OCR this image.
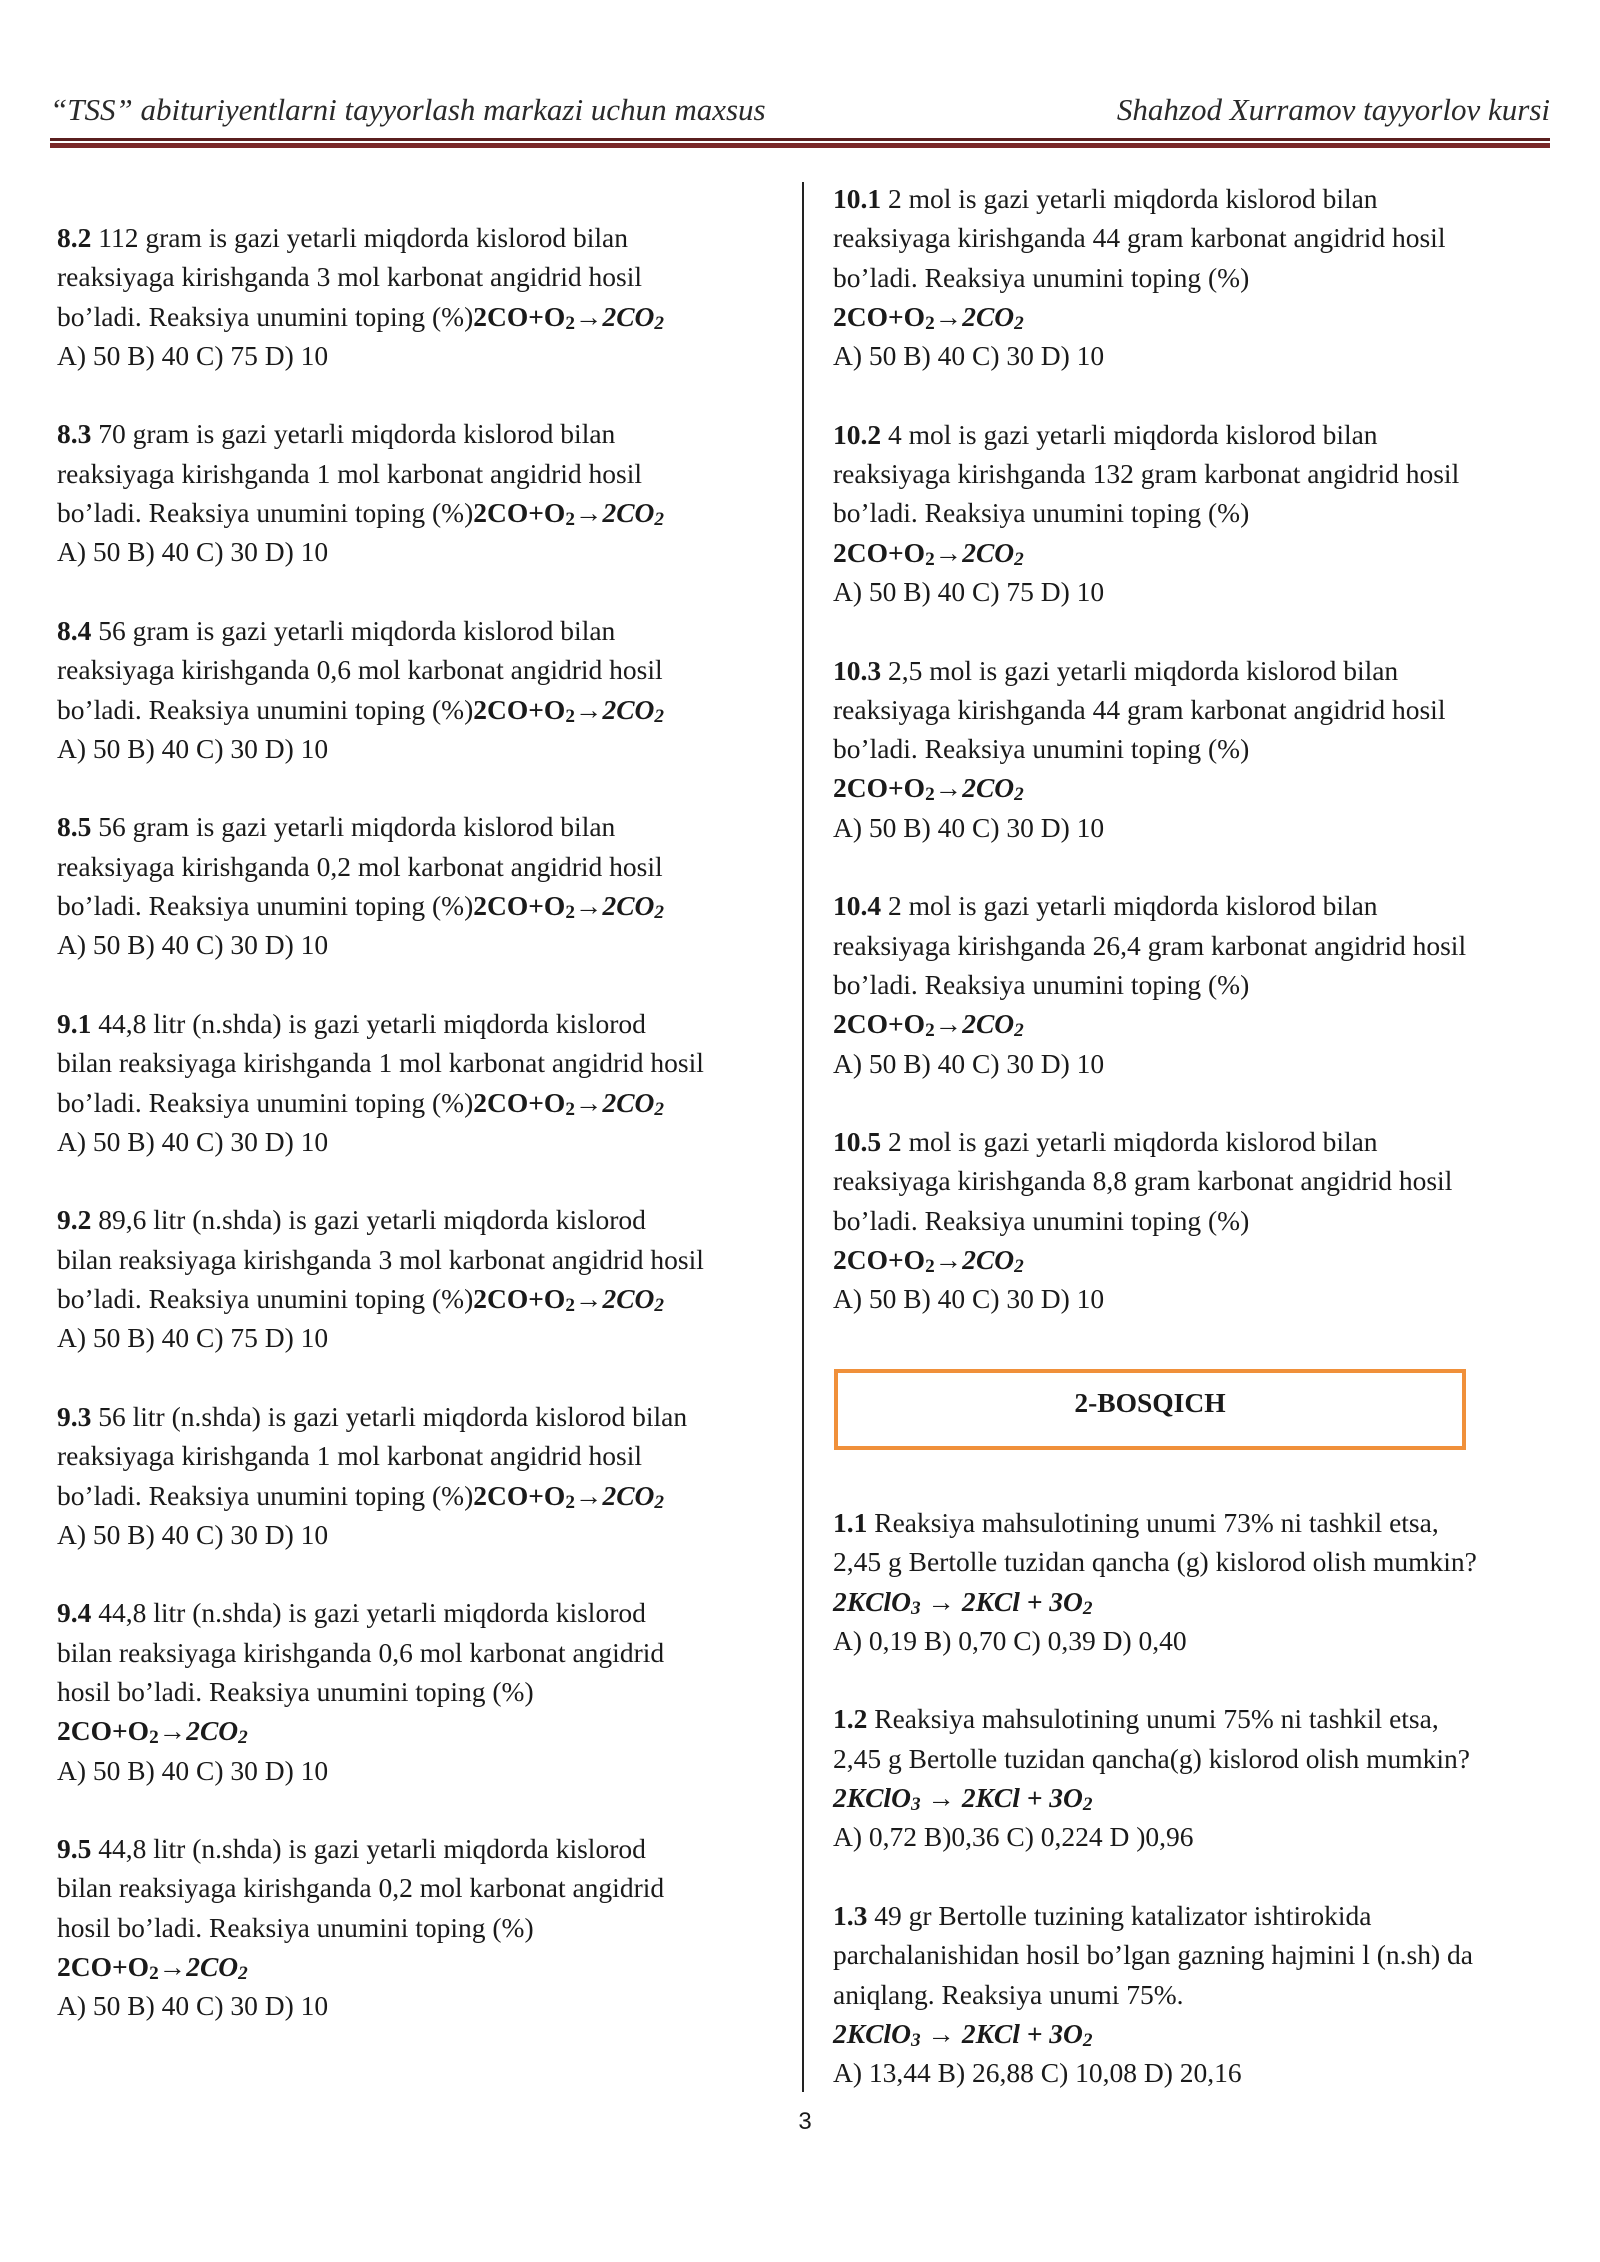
“TSS” abituriyentlarni tayyorlash markazi uchun maxsus	Shahzod Xurramov tayyorlov kursi

8.2 112 gram is gazi yetarli miqdorda kislorod bilan

reaksiyaga kirishganda 3 mol karbonat angidrid hosil

bo’ladi. Reaksiya unumini toping $(\%)2CO+O_2\to 2CO_2$

A) 50 B) 40 C) 75 D) 10

8.3 70 gram is gazi yetarli miqdorda kislorod bilan

reaksiyaga kirishganda 1 mol karbonat angidrid hosil

bo’ladi. Reaksiya unumini toping $(\%)2CO+O_2\to 2CO_2$

A) 50 B) 40 C) 30 D) 10

8.4 56 gram is gazi yetarli miqdorda kislorod bilan

reaksiyaga kirishganda 0,6 mol karbonat angidrid hosil

bo’ladi. Reaksiya unumini toping $(\%)2CO+O_2\to 2CO_2$

A) 50 B) 40 C) 30 D) 10

8.5 56 gram is gazi yetarli miqdorda kislorod bilan

reaksiyaga kirishganda 0,2 mol karbonat angidrid hosil

bo’ladi. Reaksiya unumini toping $(\%)2CO+O_2\to 2CO_2$

A) 50 B) 40 C) 30 D) 10

9.1 44,8 litr (n.shda) is gazi yetarli miqdorda kislorod

bilan reaksiyaga kirishganda 1 mol karbonat angidrid hosil

bo’ladi. Reaksiya unumini toping $(\%)2CO+O_2\to 2CO_2$

A) 50 B) 40 C) 30 D) 10

9.2 89,6 litr (n.shda) is gazi yetarli miqdorda kislorod

bilan reaksiyaga kirishganda 3 mol karbonat angidrid hosil

bo’ladi. Reaksiya unumini toping $(\%)2CO+O_2\to 2CO_2$

A) 50 B) 40 C) 75 D) 10

9.3 56 litr (n.shda) is gazi yetarli miqdorda kislorod bilan

reaksiyaga kirishganda 1 mol karbonat angidrid hosil

bo’ladi. Reaksiya unumini toping $(\%)2CO+O_2\to 2CO_2$

A) 50 B) 40 C) 30 D) 10

9.4 44,8 litr (n.shda) is gazi yetarli miqdorda kislorod

bilan reaksiyaga kirishganda 0,6 mol karbonat angidrid

hosil bo’ladi. Reaksiya unumini toping (%)

$2CO+O_2\to 2CO_2$

A) 50 B) 40 C) 30 D) 10

9.5 44,8 litr (n.shda) is gazi yetarli miqdorda kislorod

bilan reaksiyaga kirishganda 0,2 mol karbonat angidrid

hosil bo’ladi. Reaksiya unumini toping (%)

$2CO+O_2\to 2CO_2$

A) 50 B) 40 C) 30 D) 10

10.1 2 mol is gazi yetarli miqdorda kislorod bilan

reaksiyaga kirishganda 44 gram karbonat angidrid hosil

bo’ladi. Reaksiya unumini toping (%)

$2CO+O_2\to 2CO_2$

A) 50 B) 40 C) 30 D) 10

10.2 4 mol is gazi yetarli miqdorda kislorod bilan

reaksiyaga kirishganda 132 gram karbonat angidrid hosil

bo’ladi. Reaksiya unumini toping (%)

$2CO+O_2\to 2CO_2$

A) 50 B) 40 C) 75 D) 10

10.3 2,5 mol is gazi yetarli miqdorda kislorod bilan

reaksiyaga kirishganda 44 gram karbonat angidrid hosil

bo’ladi. Reaksiya unumini toping (%)

$2CO+O_2\to 2CO_2$

A) 50 B) 40 C) 30 D) 10

10.4 2 mol is gazi yetarli miqdorda kislorod bilan

reaksiyaga kirishganda 26,4 gram karbonat angidrid hosil

bo’ladi. Reaksiya unumini toping (%)

$2CO+O_2\to 2CO_2$

A) 50 B) 40 C) 30 D) 10

10.5 2 mol is gazi yetarli miqdorda kislorod bilan

reaksiyaga kirishganda 8,8 gram karbonat angidrid hosil

bo’ladi. Reaksiya unumini toping (%)

$2CO+O_2\to 2CO_2$

A) 50 B) 40 C) 30 D) 10

2-BOSQICH

1.1 Reaksiya mahsulotining unumi 73% ni tashkil etsa,

2,45 g Bertolle tuzidan qancha (g) kislorod olish mumkin?

2KClO$_3$ → $2KCl + 3O_2$

A) 0,19 B) 0,70 C) 0,39 D) 0,40

1.2 Reaksiya mahsulotining unumi 75% ni tashkil etsa,

2,45 g Bertolle tuzidan qancha(g) kislorod olish mumkin?

2KClO$_3$ → $2KCl + 3O_2$

A) 0,72 B)0,36 C) 0,224 D )0,96

1.3 49 gr Bertolle tuzining katalizator ishtirokida

parchalanishidan hosil bo’lgan gazning hajmini l (n.sh) da

aniqlang. Reaksiya unumi 75%.

2KClO$_3$ → $2KCl + 3O_2$

A) 13,44 B) 26,88 C) 10,08 D) 20,16

3
